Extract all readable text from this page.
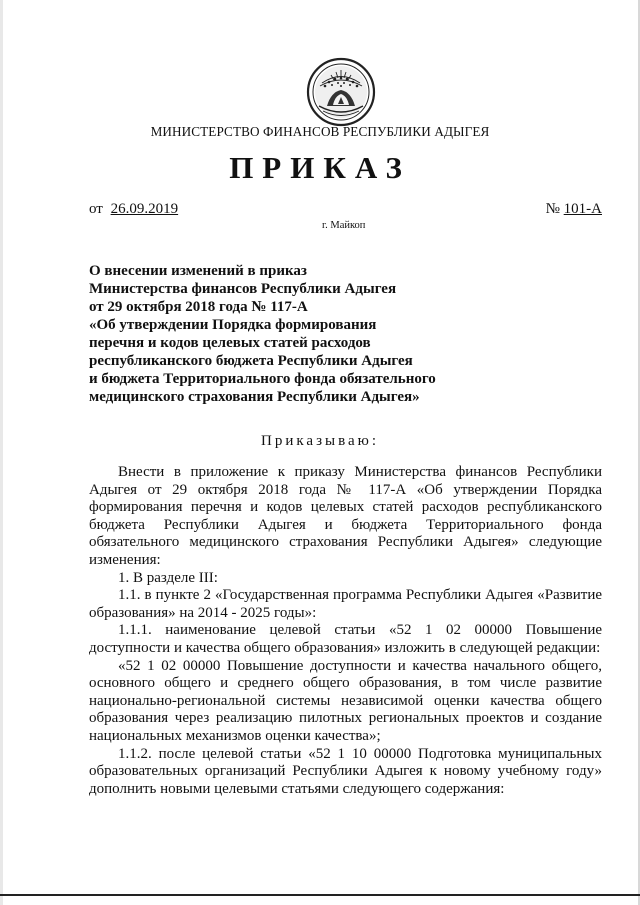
МИНИСТЕРСТВО ФИНАНСОВ РЕСПУБЛИКИ АДЫГЕЯ
ПРИКАЗ
от 26.09.2019	№ 101-А
г. Майкоп
О внесении изменений в приказ
Министерства финансов Республики Адыгея
от 29 октября 2018 года № 117-А
«Об утверждении Порядка формирования
перечня и кодов целевых статей расходов
республиканского бюджета Республики Адыгея
и бюджета Территориального фонда обязательного
медицинского страхования Республики Адыгея»
Приказываю:

Внести в приложение к приказу Министерства финансов Республики Адыгея от 29 октября 2018 года № 117-А «Об утверждении Порядка формирования перечня и кодов целевых статей расходов республиканского бюджета Республики Адыгея и бюджета Территориального фонда обязательного медицинского страхования Республики Адыгея» следующие изменения:

1. В разделе III:

1.1. в пункте 2 «Государственная программа Республики Адыгея «Развитие образования» на 2014 - 2025 годы»:

1.1.1. наименование целевой статьи «52 1 02 00000 Повышение доступности и качества общего образования» изложить в следующей редакции:

«52 1 02 00000 Повышение доступности и качества начального общего, основного общего и среднего общего образования, в том числе развитие национально-региональной системы независимой оценки качества общего образования через реализацию пилотных региональных проектов и создание национальных механизмов оценки качества»;

1.1.2. после целевой статьи «52 1 10 00000 Подготовка муниципальных образовательных организаций Республики Адыгея к новому учебному году» дополнить новыми целевыми статьями следующего содержания:
